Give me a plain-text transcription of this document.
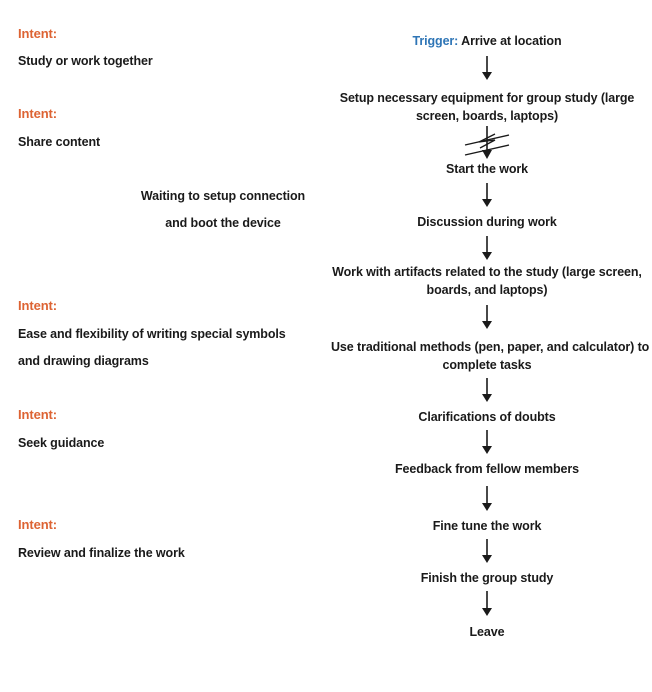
Intent:
Study or work together
Intent:
Share content
Intent:
Ease and flexibility of writing special symbols
and drawing diagrams
Intent:
Seek guidance
Intent:
Review and finalize the work
Waiting to setup connection
and boot the device
Trigger: Arrive at location
Setup necessary equipment for group study (large
screen, boards, laptops)
Start the work
Discussion during work
Work with artifacts related to the study (large screen,
boards, and laptops)
Use traditional methods (pen, paper, and calculator) to
complete tasks
Clarifications of doubts
Feedback from fellow members
Fine tune the work
Finish the group study
Leave
